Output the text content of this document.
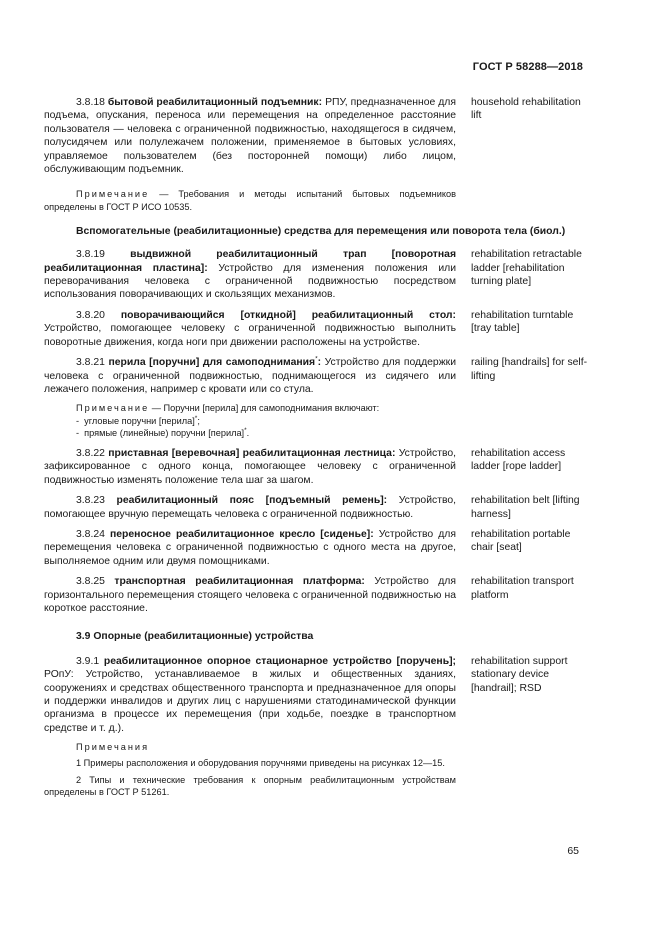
ГОСТ Р 58288—2018
3.8.18 бытовой реабилитационный подъемник: РПУ, предназначенное для подъема, опускания, переноса или перемещения на определенное расстояние пользователя — человека с ограниченной подвижностью, находящегося в сидячем, полусидячем или полулежачем положении, применяемое в бытовых условиях, управляемое пользователем (без посторонней помощи) либо лицом, обслуживающим подъемник.
household rehabilitation lift
Примечание — Требования и методы испытаний бытовых подъемников определены в ГОСТ Р ИСО 10535.
Вспомогательные (реабилитационные) средства для перемещения или поворота тела (биол.)
3.8.19 выдвижной реабилитационный трап [поворотная реабилитационная пластина]: Устройство для изменения положения или переворачивания человека с ограниченной подвижностью посредством использования поворачивающих и скользящих механизмов.
rehabilitation retractable ladder [rehabilitation turning plate]
3.8.20 поворачивающийся [откидной] реабилитационный стол: Устройство, помогающее человеку с ограниченной подвижностью выполнить поворотные движения, когда ноги при движении расположены на устройстве.
rehabilitation turntable [tray table]
3.8.21 перила [поручни] для самоподнимания*: Устройство для поддержки человека с ограниченной подвижностью, поднимающегося из сидячего или лежачего положения, например с кровати или со стула.
railing [handrails] for self-lifting
Примечание — Поручни [перила] для самоподнимания включают:
-  угловые поручни [перила]*;
-  прямые (линейные) поручни [перила]*.
3.8.22 приставная [веревочная] реабилитационная лестница: Устройство, зафиксированное с одного конца, помогающее человеку с ограниченной подвижностью изменять положение тела шаг за шагом.
rehabilitation access ladder [rope ladder]
3.8.23 реабилитационный пояс [подъемный ремень]: Устройство, помогающее вручную перемещать человека с ограниченной подвижностью.
rehabilitation belt [lifting harness]
3.8.24 переносное реабилитационное кресло [сиденье]: Устройство для перемещения человека с ограниченной подвижностью с одного места на другое, выполняемое одним или двумя помощниками.
rehabilitation portable chair [seat]
3.8.25 транспортная реабилитационная платформа: Устройство для горизонтального перемещения стоящего человека с ограниченной подвижностью на короткое расстояние.
rehabilitation transport platform
3.9 Опорные (реабилитационные) устройства
3.9.1 реабилитационное опорное стационарное устройство [поручень]; РОпУ: Устройство, устанавливаемое в жилых и общественных зданиях, сооружениях и средствах общественного транспорта и предназначенное для опоры и поддержки инвалидов и других лиц с нарушениями статодинамической функции организма в процессе их перемещения (при ходьбе, поездке в транспортном средстве и т. д.).
rehabilitation support stationary device [handrail]; RSD
Примечания
1 Примеры расположения и оборудования поручнями приведены на рисунках 12—15.
2 Типы и технические требования к опорным реабилитационным устройствам определены в ГОСТ Р 51261.
65
